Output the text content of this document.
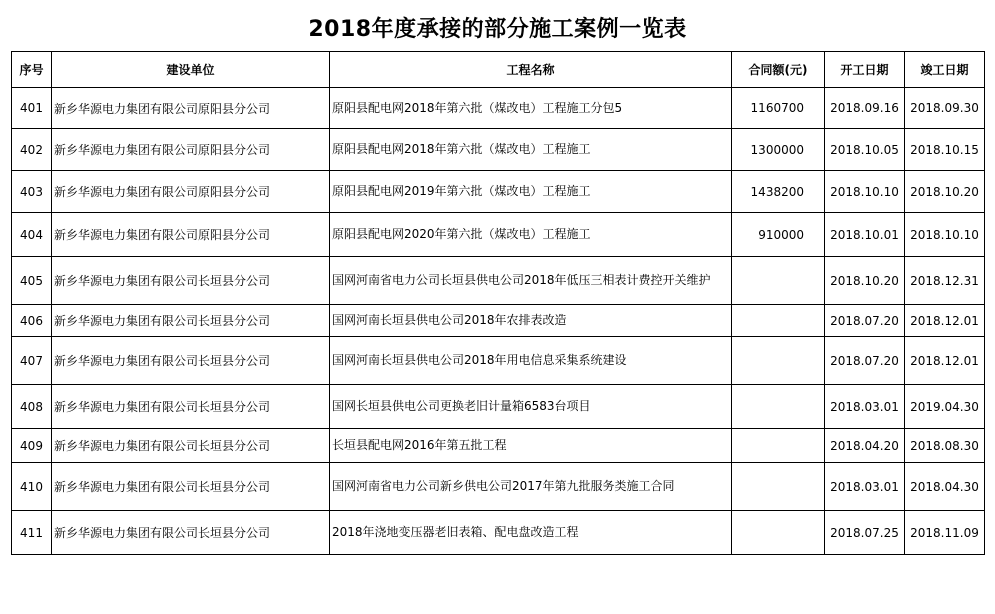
2018年度承接的部分施工案例一览表
序号	建设单位	工程名称	合同额(元)	开工日期	竣工日期
401	新乡华源电力集团有限公司原阳县分公司	原阳县配电网2018年第六批（煤改电）工程施工分包5	1160700	2018.09.16	2018.09.30
402	新乡华源电力集团有限公司原阳县分公司	原阳县配电网2018年第六批（煤改电）工程施工	1300000	2018.10.05	2018.10.15
403	新乡华源电力集团有限公司原阳县分公司	原阳县配电网2019年第六批（煤改电）工程施工	1438200	2018.10.10	2018.10.20
404	新乡华源电力集团有限公司原阳县分公司	原阳县配电网2020年第六批（煤改电）工程施工	910000	2018.10.01	2018.10.10
405	新乡华源电力集团有限公司长垣县分公司	国网河南省电力公司长垣县供电公司2018年低压三相表计费控开关维护		2018.10.20	2018.12.31
406	新乡华源电力集团有限公司长垣县分公司	国网河南长垣县供电公司2018年农排表改造		2018.07.20	2018.12.01
407	新乡华源电力集团有限公司长垣县分公司	国网河南长垣县供电公司2018年用电信息采集系统建设		2018.07.20	2018.12.01
408	新乡华源电力集团有限公司长垣县分公司	国网长垣县供电公司更换老旧计量箱6583台项目		2018.03.01	2019.04.30
409	新乡华源电力集团有限公司长垣县分公司	长垣县配电网2016年第五批工程		2018.04.20	2018.08.30
410	新乡华源电力集团有限公司长垣县分公司	国网河南省电力公司新乡供电公司2017年第九批服务类施工合同		2018.03.01	2018.04.30
411	新乡华源电力集团有限公司长垣县分公司	2018年浇地变压器老旧表箱、配电盘改造工程		2018.07.25	2018.11.09
